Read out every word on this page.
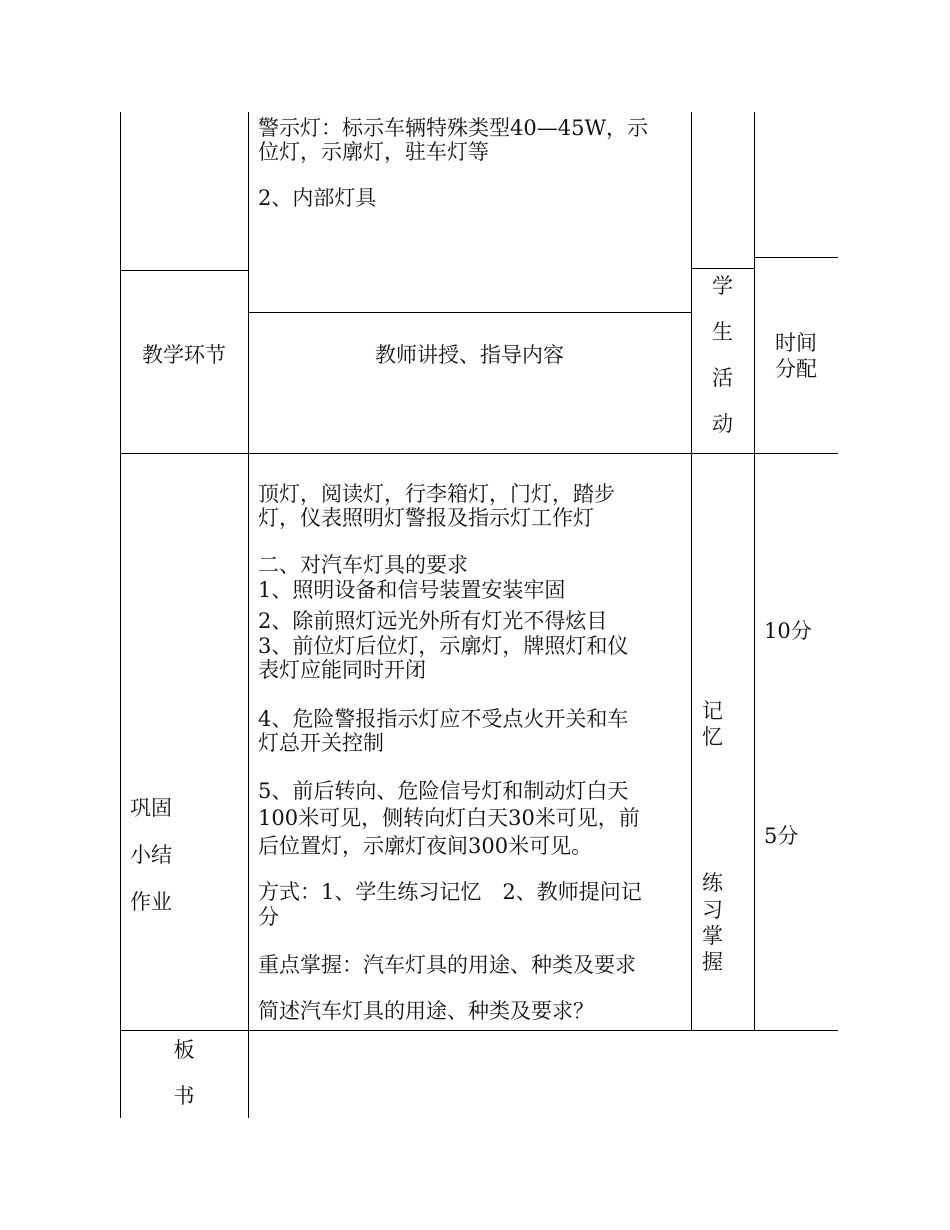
警示灯：标示车辆特殊类型40—45W，示
位灯，示廓灯，驻车灯等
2、内部灯具
教学环节	教师讲授、指导内容
学
生
活
动
时间
分配
巩固
小结
作业
顶灯，阅读灯，行李箱灯，门灯，踏步
灯，仪表照明灯警报及指示灯工作灯
二、对汽车灯具的要求
1、照明设备和信号装置安装牢固
2、除前照灯远光外所有灯光不得炫目
3、前位灯后位灯，示廓灯，牌照灯和仪
表灯应能同时开闭
4、危险警报指示灯应不受点火开关和车
灯总开关控制
5、前后转向、危险信号灯和制动灯白天
100米可见，侧转向灯白天30米可见，前
后位置灯，示廓灯夜间300米可见。
方式：1、学生练习记忆　2、教师提问记
分
重点掌握：汽车灯具的用途、种类及要求
简述汽车灯具的用途、种类及要求？
记
忆
练
习
掌
握
10分
5分
板
书
